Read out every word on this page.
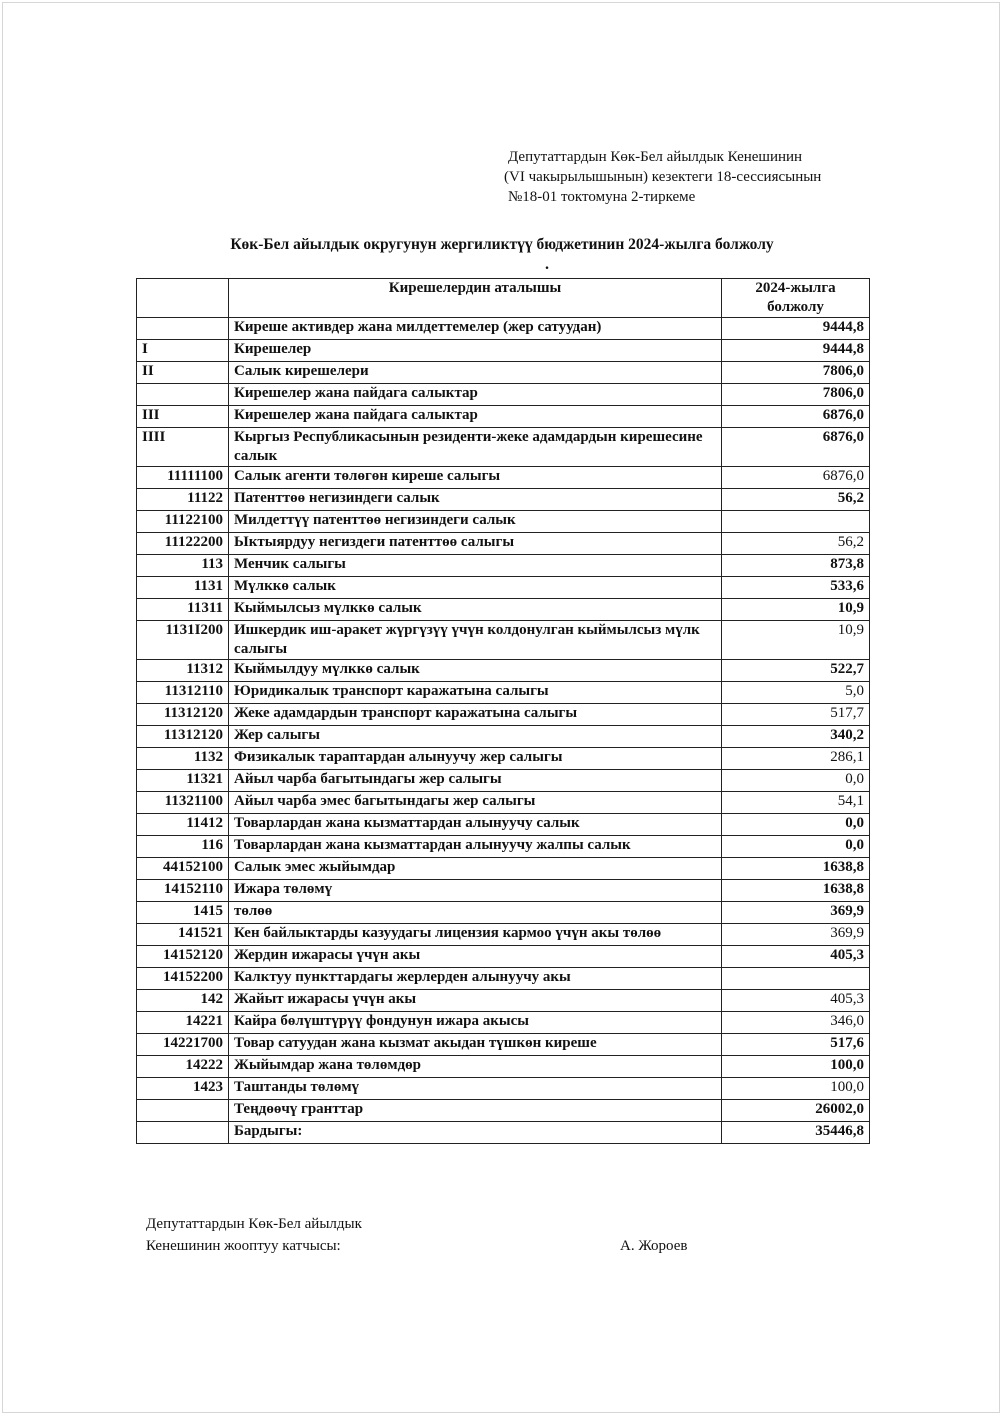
Депутаттардын Көк-Бел айылдык Кенешинин
(VI чакырылышынын) кезектеги 18-сессиясынын
№18-01 токтомуна 2-тиркеме
Көк-Бел айылдык округунун жергиликтүү бюджетинин 2024-жылга болжолу
.
	Кирешелердин аталышы	2024-жылга болжолу
	Киреше активдер жана милдеттемелер (жер сатуудан)	9444,8
I	Кирешелер	9444,8
II	Салык кирешелери	7806,0
	Кирешелер жана пайдага салыктар	7806,0
III	Кирешелер жана пайдага салыктар	6876,0
IIII	Кыргыз Республикасынын резиденти-жеке адамдардын кирешесине салык	6876,0
11111100	Салык агенти төлөгөн киреше салыгы	6876,0
11122	Патенттөө негизиндеги салык	56,2
11122100	Милдеттүү патенттөө негизиндеги салык	
11122200	Ыктыярдуу негиздеги патенттөө салыгы	56,2
113	Менчик салыгы	873,8
1131	Мүлккө салык	533,6
11311	Кыймылсыз мүлккө салык	10,9
1131I200	Ишкердик иш-аракет жүргүзүү үчүн колдонулган кыймылсыз мүлк салыгы	10,9
11312	Кыймылдуу мүлккө салык	522,7
11312110	Юридикалык транспорт каражатына салыгы	5,0
11312120	Жеке адамдардын транспорт каражатына салыгы	517,7
11312120	Жер салыгы	340,2
1132	Физикалык тараптардан алынуучу жер салыгы	286,1
11321	Айыл чарба багытындагы жер салыгы	0,0
11321100	Айыл чарба эмес багытындагы жер салыгы	54,1
11412	Товарлардан жана кызматтардан алынуучу салык	0,0
116	Товарлардан жана кызматтардан алынуучу жалпы салык	0,0
44152100	Салык эмес жыйымдар	1638,8
14152110	Ижара төлөмү	1638,8
1415	төлөө	369,9
141521	Кен байлыктарды казуудагы лицензия кармоо үчүн акы төлөө	369,9
14152120	Жердин ижарасы үчүн акы	405,3
14152200	Калктуу пункттардагы жерлерден алынуучу акы	
142	Жайыт ижарасы үчүн акы	405,3
14221	Кайра бөлүштүрүү фондунун ижара акысы	346,0
14221700	Товар сатуудан жана кызмат акыдан түшкөн киреше	517,6
14222	Жыйымдар жана төлөмдөр	100,0
1423	Таштанды төлөмү	100,0
	Теңдөөчү гранттар	26002,0
	Бардыгы:	35446,8
Депутаттардын Көк-Бел айылдык
Кенешинин жооптуу катчысы:	А. Жороев
